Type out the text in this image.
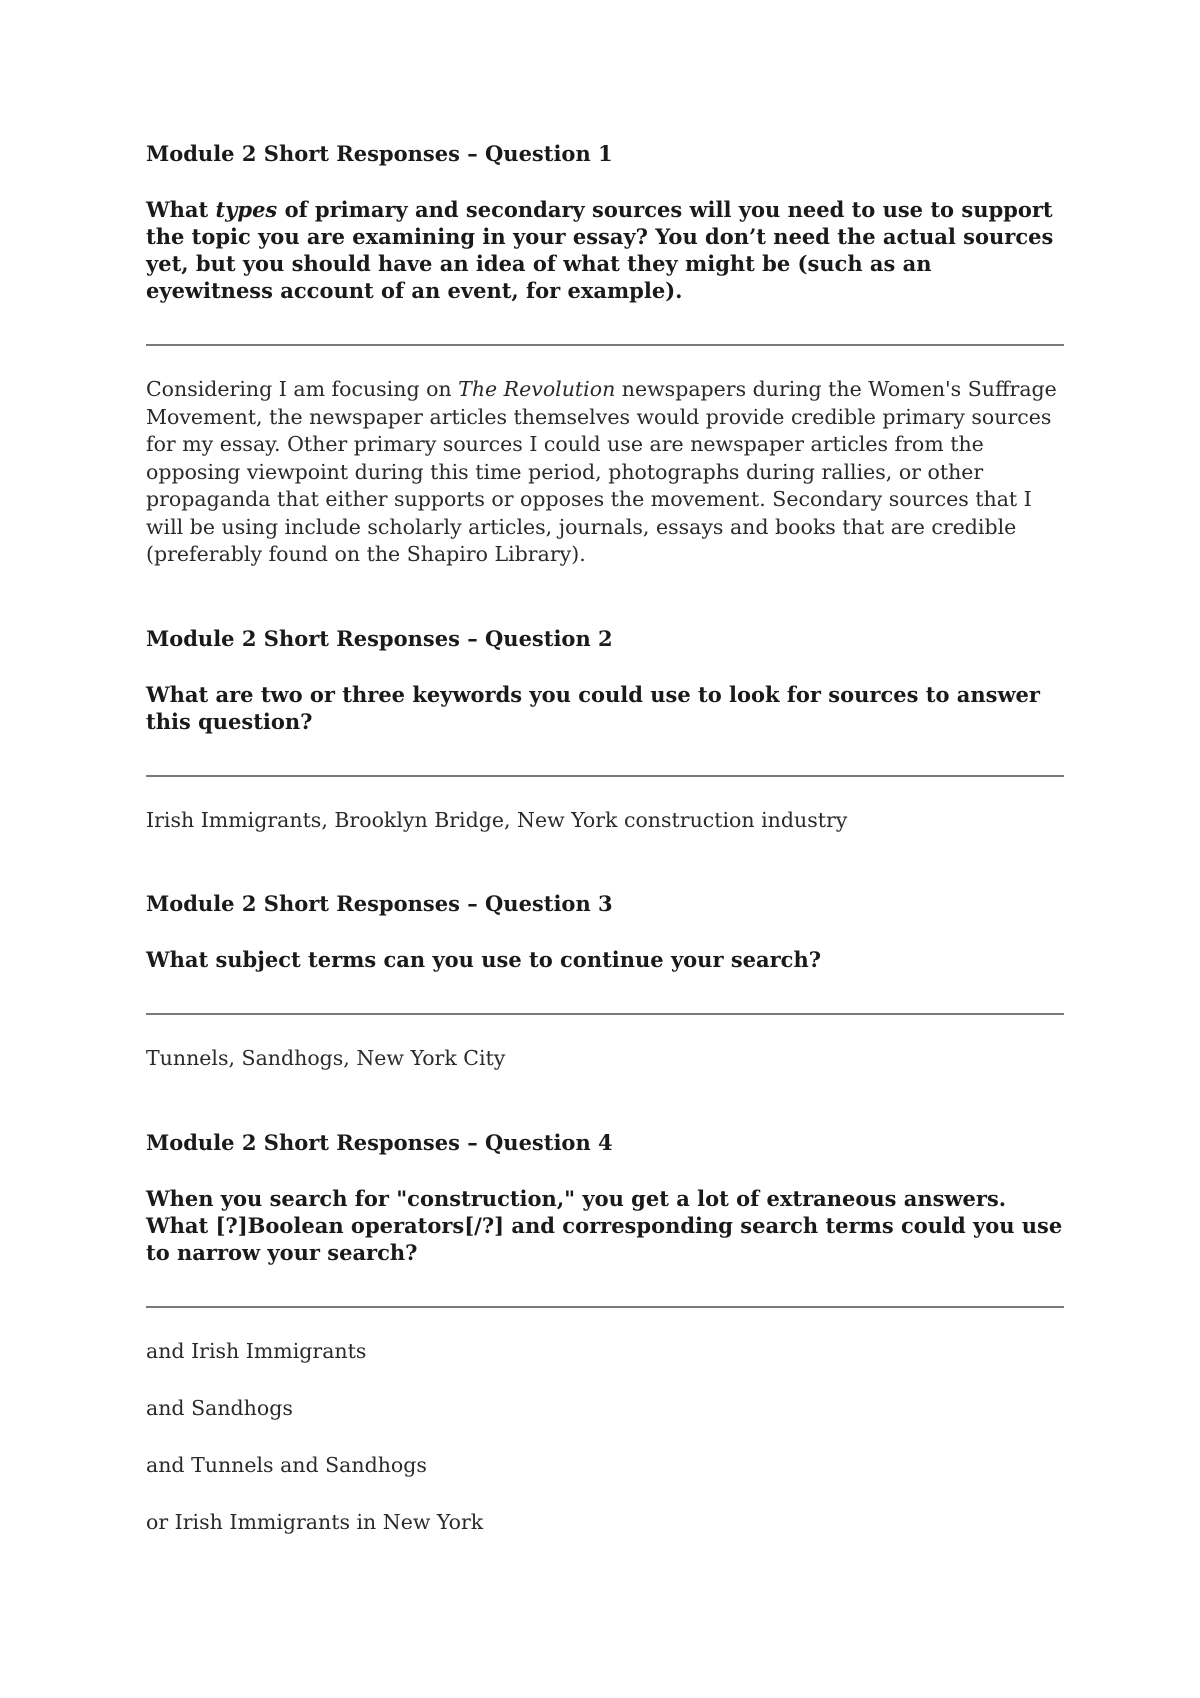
Module 2 Short Responses – Question 1

What types of primary and secondary sources will you need to use to support the topic you are examining in your essay? You don’t need the actual sources yet, but you should have an idea of what they might be (such as an eyewitness account of an event, for example).

Considering I am focusing on The Revolution newspapers during the Women's Suffrage Movement, the newspaper articles themselves would provide credible primary sources for my essay. Other primary sources I could use are newspaper articles from the opposing viewpoint during this time period, photographs during rallies, or other propaganda that either supports or opposes the movement. Secondary sources that I will be using include scholarly articles, journals, essays and books that are credible (preferably found on the Shapiro Library).

Module 2 Short Responses – Question 2

What are two or three keywords you could use to look for sources to answer this question?

Irish Immigrants, Brooklyn Bridge, New York construction industry

Module 2 Short Responses – Question 3

What subject terms can you use to continue your search?

Tunnels, Sandhogs, New York City

Module 2 Short Responses – Question 4

When you search for "construction," you get a lot of extraneous answers. What [?]Boolean operators[/?] and corresponding search terms could you use to narrow your search?

and Irish Immigrants

and Sandhogs

and Tunnels and Sandhogs

or Irish Immigrants in New York
